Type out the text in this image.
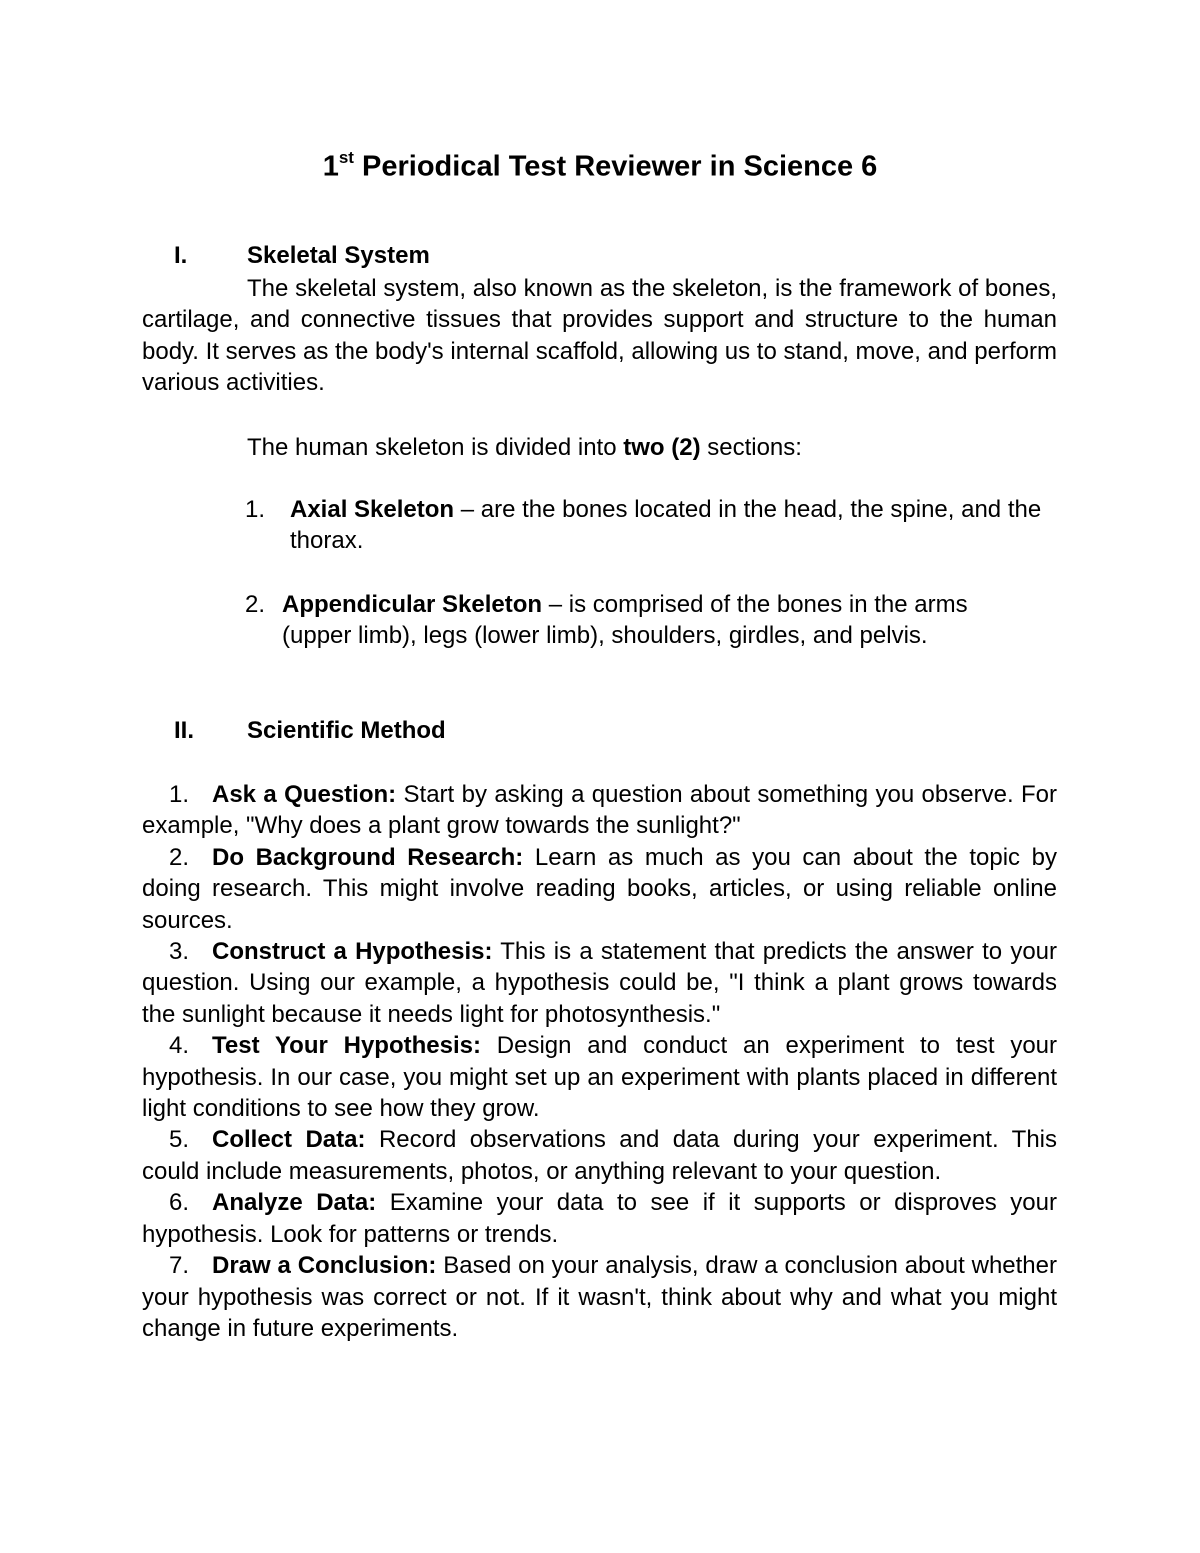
1st Periodical Test Reviewer in Science 6
I. Skeletal System
The skeletal system, also known as the skeleton, is the framework of bones, cartilage, and connective tissues that provides support and structure to the human body. It serves as the body's internal scaffold, allowing us to stand, move, and perform various activities.
The human skeleton is divided into two (2) sections:
1. Axial Skeleton – are the bones located in the head, the spine, and the thorax.
2. Appendicular Skeleton – is comprised of the bones in the arms (upper limb), legs (lower limb), shoulders, girdles, and pelvis.
II. Scientific Method

1. Ask a Question: Start by asking a question about something you observe. For example, "Why does a plant grow towards the sunlight?"

2. Do Background Research: Learn as much as you can about the topic by doing research. This might involve reading books, articles, or using reliable online sources.

3. Construct a Hypothesis: This is a statement that predicts the answer to your question. Using our example, a hypothesis could be, "I think a plant grows towards the sunlight because it needs light for photosynthesis."

4. Test Your Hypothesis: Design and conduct an experiment to test your hypothesis. In our case, you might set up an experiment with plants placed in different light conditions to see how they grow.

5. Collect Data: Record observations and data during your experiment. This could include measurements, photos, or anything relevant to your question.

6. Analyze Data: Examine your data to see if it supports or disproves your hypothesis. Look for patterns or trends.

7. Draw a Conclusion: Based on your analysis, draw a conclusion about whether your hypothesis was correct or not. If it wasn't, think about why and what you might change in future experiments.
